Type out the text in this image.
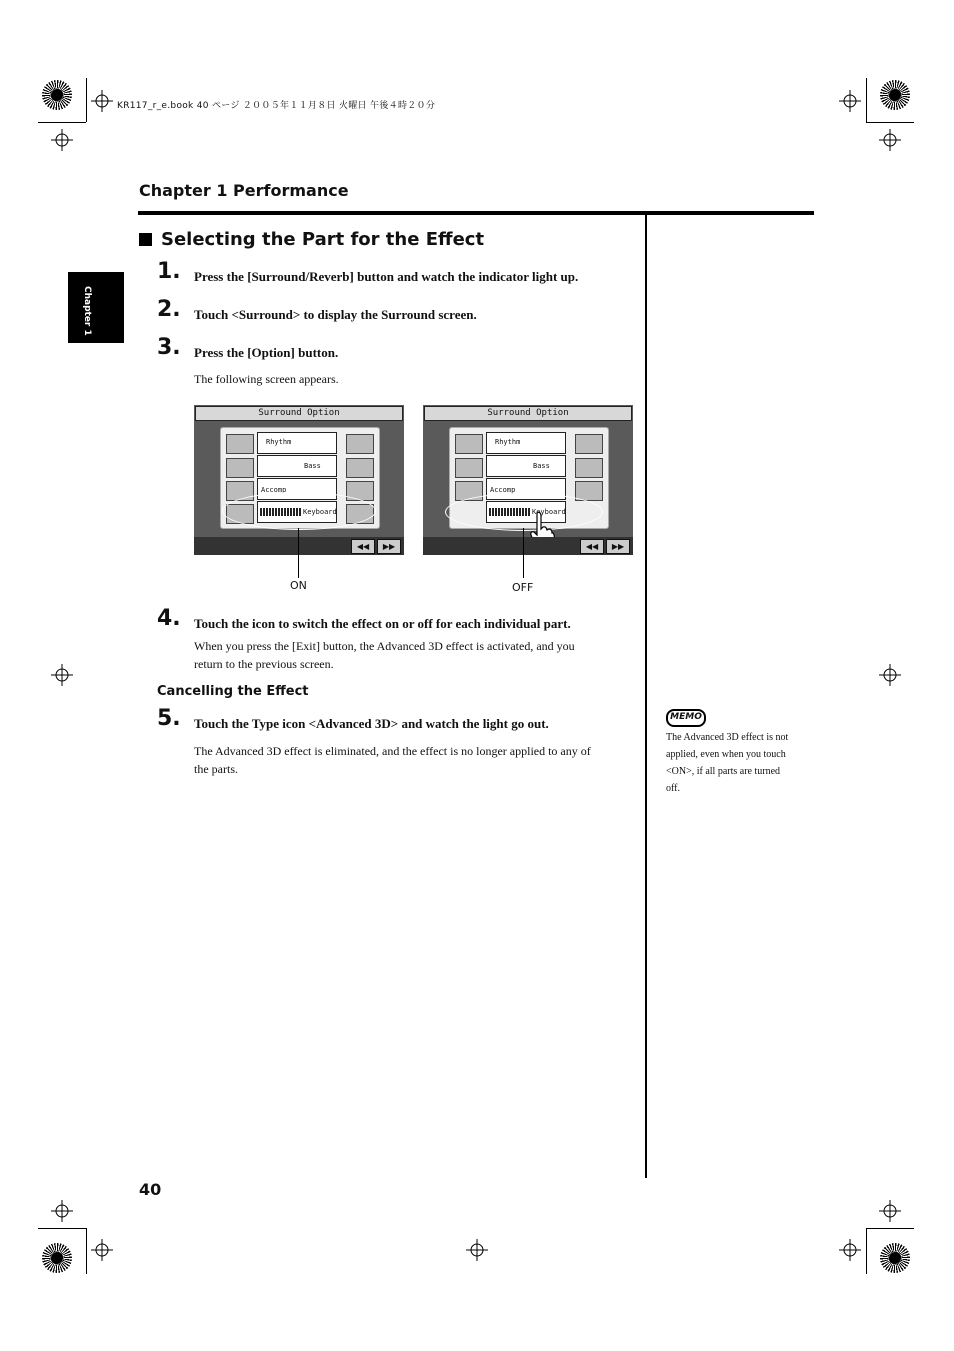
KR117_r_e.book 40 ページ ２００５年１１月８日 火曜日 午後４時２０分
Chapter 1 Performance
Chapter 1
Selecting the Part for the Effect
1. Press the [Surround/Reverb] button and watch the indicator light up.
2. Touch <Surround> to display the Surround screen.
3. Press the [Option] button.
The following screen appears.
Surround Option
Rhythm
Bass
Accomp
Keyboard
◀◀	▶▶
ON
Surround Option
Rhythm
Bass
Accomp
Keyboard
◀◀	▶▶
OFF
4. Touch the icon to switch the effect on or off for each individual part.
When you press the [Exit] button, the Advanced 3D effect is activated, and you
return to the previous screen.
Cancelling the Effect
5. Touch the Type icon <Advanced 3D> and watch the light go out.
The Advanced 3D effect is eliminated, and the effect is no longer applied to any of
the parts.
MEMO
The Advanced 3D effect is not
applied, even when you touch
<ON>, if all parts are turned
off.
40
